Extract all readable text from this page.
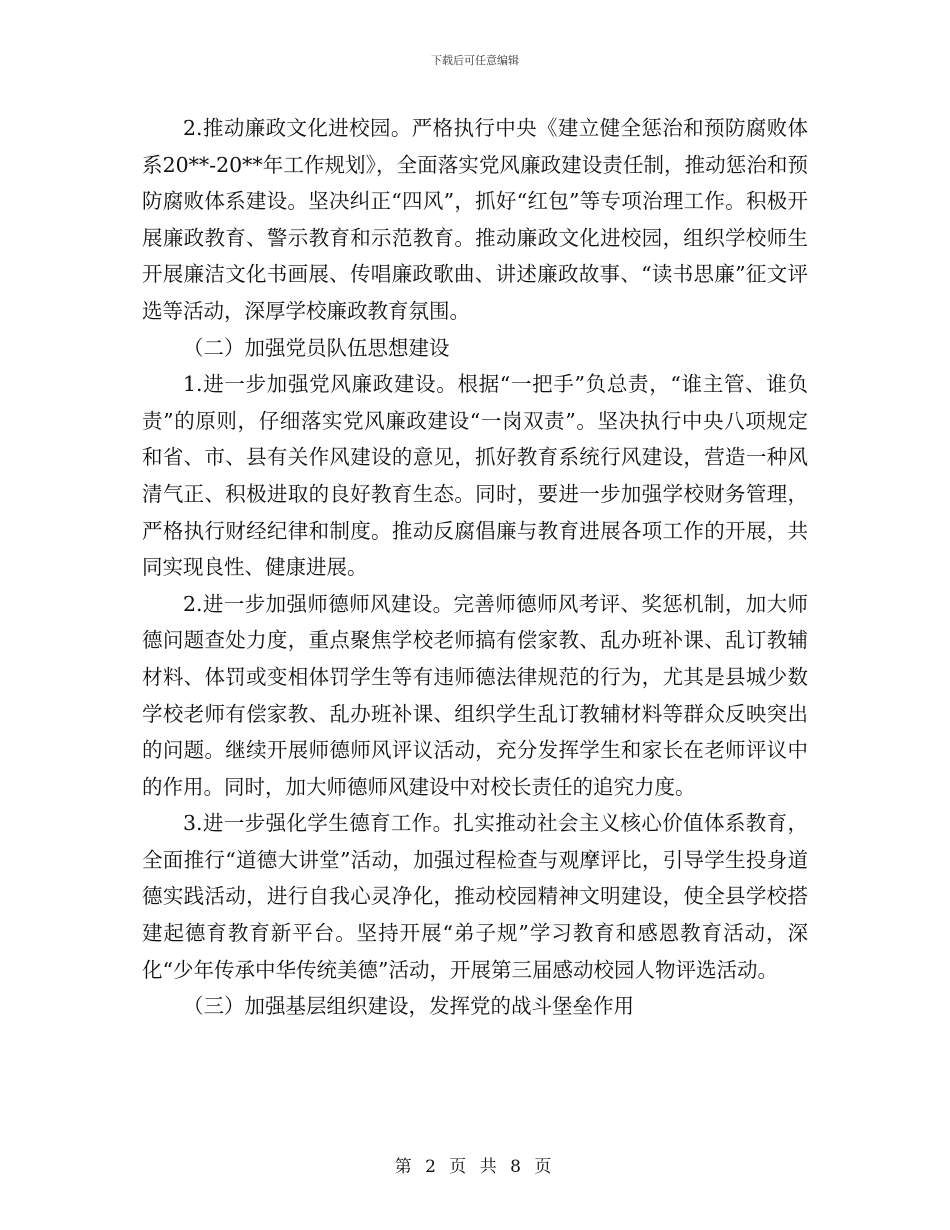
下载后可任意编辑

2.推动廉政文化进校园。严格执行中央《建立健全惩治和预防腐败体系20**-20**年工作规划》，全面落实党风廉政建设责任制，推动惩治和预防腐败体系建设。坚决纠正“四风”，抓好“红包”等专项治理工作。积极开展廉政教育、警示教育和示范教育。推动廉政文化进校园，组织学校师生开展廉洁文化书画展、传唱廉政歌曲、讲述廉政故事、“读书思廉”征文评选等活动，深厚学校廉政教育氛围。

（二）加强党员队伍思想建设

1.进一步加强党风廉政建设。根据“一把手”负总责，“谁主管、谁负责”的原则，仔细落实党风廉政建设“一岗双责”。坚决执行中央八项规定和省、市、县有关作风建设的意见，抓好教育系统行风建设，营造一种风清气正、积极进取的良好教育生态。同时，要进一步加强学校财务管理，严格执行财经纪律和制度。推动反腐倡廉与教育进展各项工作的开展，共同实现良性、健康进展。

2.进一步加强师德师风建设。完善师德师风考评、奖惩机制，加大师德问题查处力度，重点聚焦学校老师搞有偿家教、乱办班补课、乱订教辅材料、体罚或变相体罚学生等有违师德法律规范的行为，尤其是县城少数学校老师有偿家教、乱办班补课、组织学生乱订教辅材料等群众反映突出的问题。继续开展师德师风评议活动，充分发挥学生和家长在老师评议中的作用。同时，加大师德师风建设中对校长责任的追究力度。

3.进一步强化学生德育工作。扎实推动社会主义核心价值体系教育，全面推行“道德大讲堂”活动，加强过程检查与观摩评比，引导学生投身道德实践活动，进行自我心灵净化，推动校园精神文明建设，使全县学校搭建起德育教育新平台。坚持开展“弟子规”学习教育和感恩教育活动，深化“少年传承中华传统美德”活动，开展第三届感动校园人物评选活动。

（三）加强基层组织建设，发挥党的战斗堡垒作用

第 2 页 共 8 页
